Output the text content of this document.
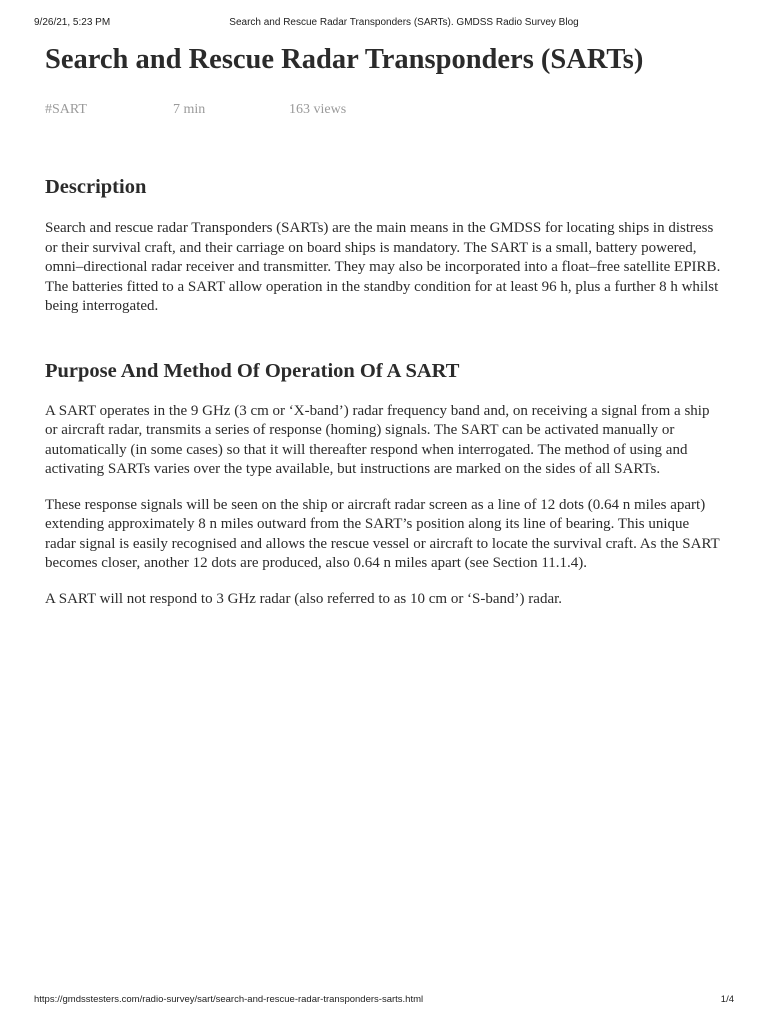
9/26/21, 5:23 PM	Search and Rescue Radar Transponders (SARTs). GMDSS Radio Survey Blog
Search and Rescue Radar Transponders (SARTs)
#SART	7 min	163 views
Description

Search and rescue radar Transponders (SARTs) are the main means in the GMDSS for locating ships in distress or their survival craft, and their carriage on board ships is mandatory. The SART is a small, battery powered, omni–directional radar receiver and transmitter. They may also be incorporated into a float–free satellite EPIRB. The batteries fitted to a SART allow operation in the standby condition for at least 96 h, plus a further 8 h whilst being interrogated.

Purpose And Method Of Operation Of A SART

A SART operates in the 9 GHz (3 cm or ‘X-band’) radar frequency band and, on receiving a signal from a ship or aircraft radar, transmits a series of response (homing) signals. The SART can be activated manually or automatically (in some cases) so that it will thereafter respond when interrogated. The method of using and activating SARTs varies over the type available, but instructions are marked on the sides of all SARTs.

These response signals will be seen on the ship or aircraft radar screen as a line of 12 dots (0.64 n miles apart) extending approximately 8 n miles outward from the SART’s position along its line of bearing. This unique radar signal is easily recognised and allows the rescue vessel or aircraft to locate the survival craft. As the SART becomes closer, another 12 dots are produced, also 0.64 n miles apart (see Section 11.1.4).

A SART will not respond to 3 GHz radar (also referred to as 10 cm or ‘S-band’) radar.

https://gmdsstesters.com/radio-survey/sart/search-and-rescue-radar-transponders-sarts.html	1/4
